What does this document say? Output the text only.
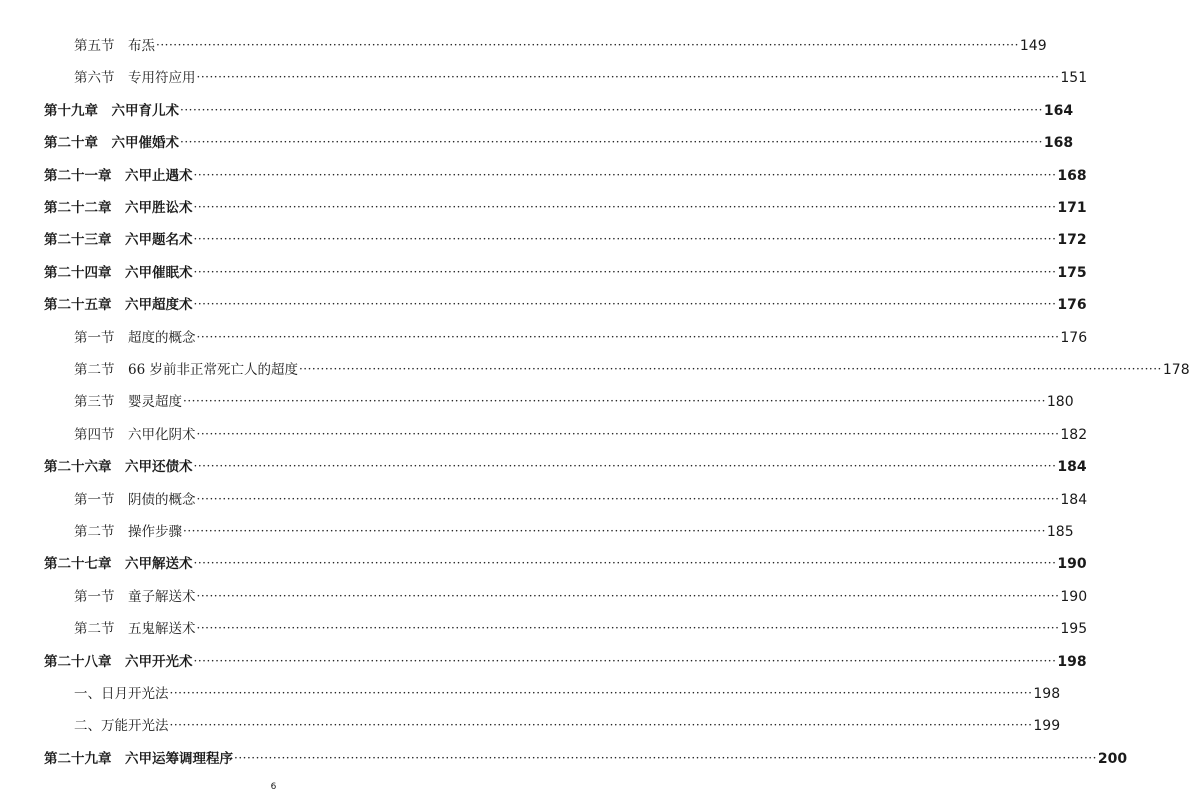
第五节　布炁 ········································································································································································································ 149
第六节　专用符应用 ········································································································································································································ 151
第十九章　六甲育儿术 ········································································································································································································ 164
第二十章　六甲催婚术 ········································································································································································································ 168
第二十一章　六甲止遇术 ········································································································································································································ 168
第二十二章　六甲胜讼术 ········································································································································································································ 171
第二十三章　六甲题名术 ········································································································································································································ 172
第二十四章　六甲催眠术 ········································································································································································································ 175
第二十五章　六甲超度术 ········································································································································································································ 176
第一节　超度的概念 ········································································································································································································ 176
第二节　66 岁前非正常死亡人的超度 ········································································································································································································ 178
第三节　婴灵超度 ········································································································································································································ 180
第四节　六甲化阴术 ········································································································································································································ 182
第二十六章　六甲还债术 ········································································································································································································ 184
第一节　阴债的概念 ········································································································································································································ 184
第二节　操作步骤 ········································································································································································································ 185
第二十七章　六甲解送术 ········································································································································································································ 190
第一节　童子解送术 ········································································································································································································ 190
第二节　五鬼解送术 ········································································································································································································ 195
第二十八章　六甲开光术 ········································································································································································································ 198
一、日月开光法 ········································································································································································································ 198
二、万能开光法 ········································································································································································································ 199
第二十九章　六甲运筹调理程序 ········································································································································································································ 200
6
